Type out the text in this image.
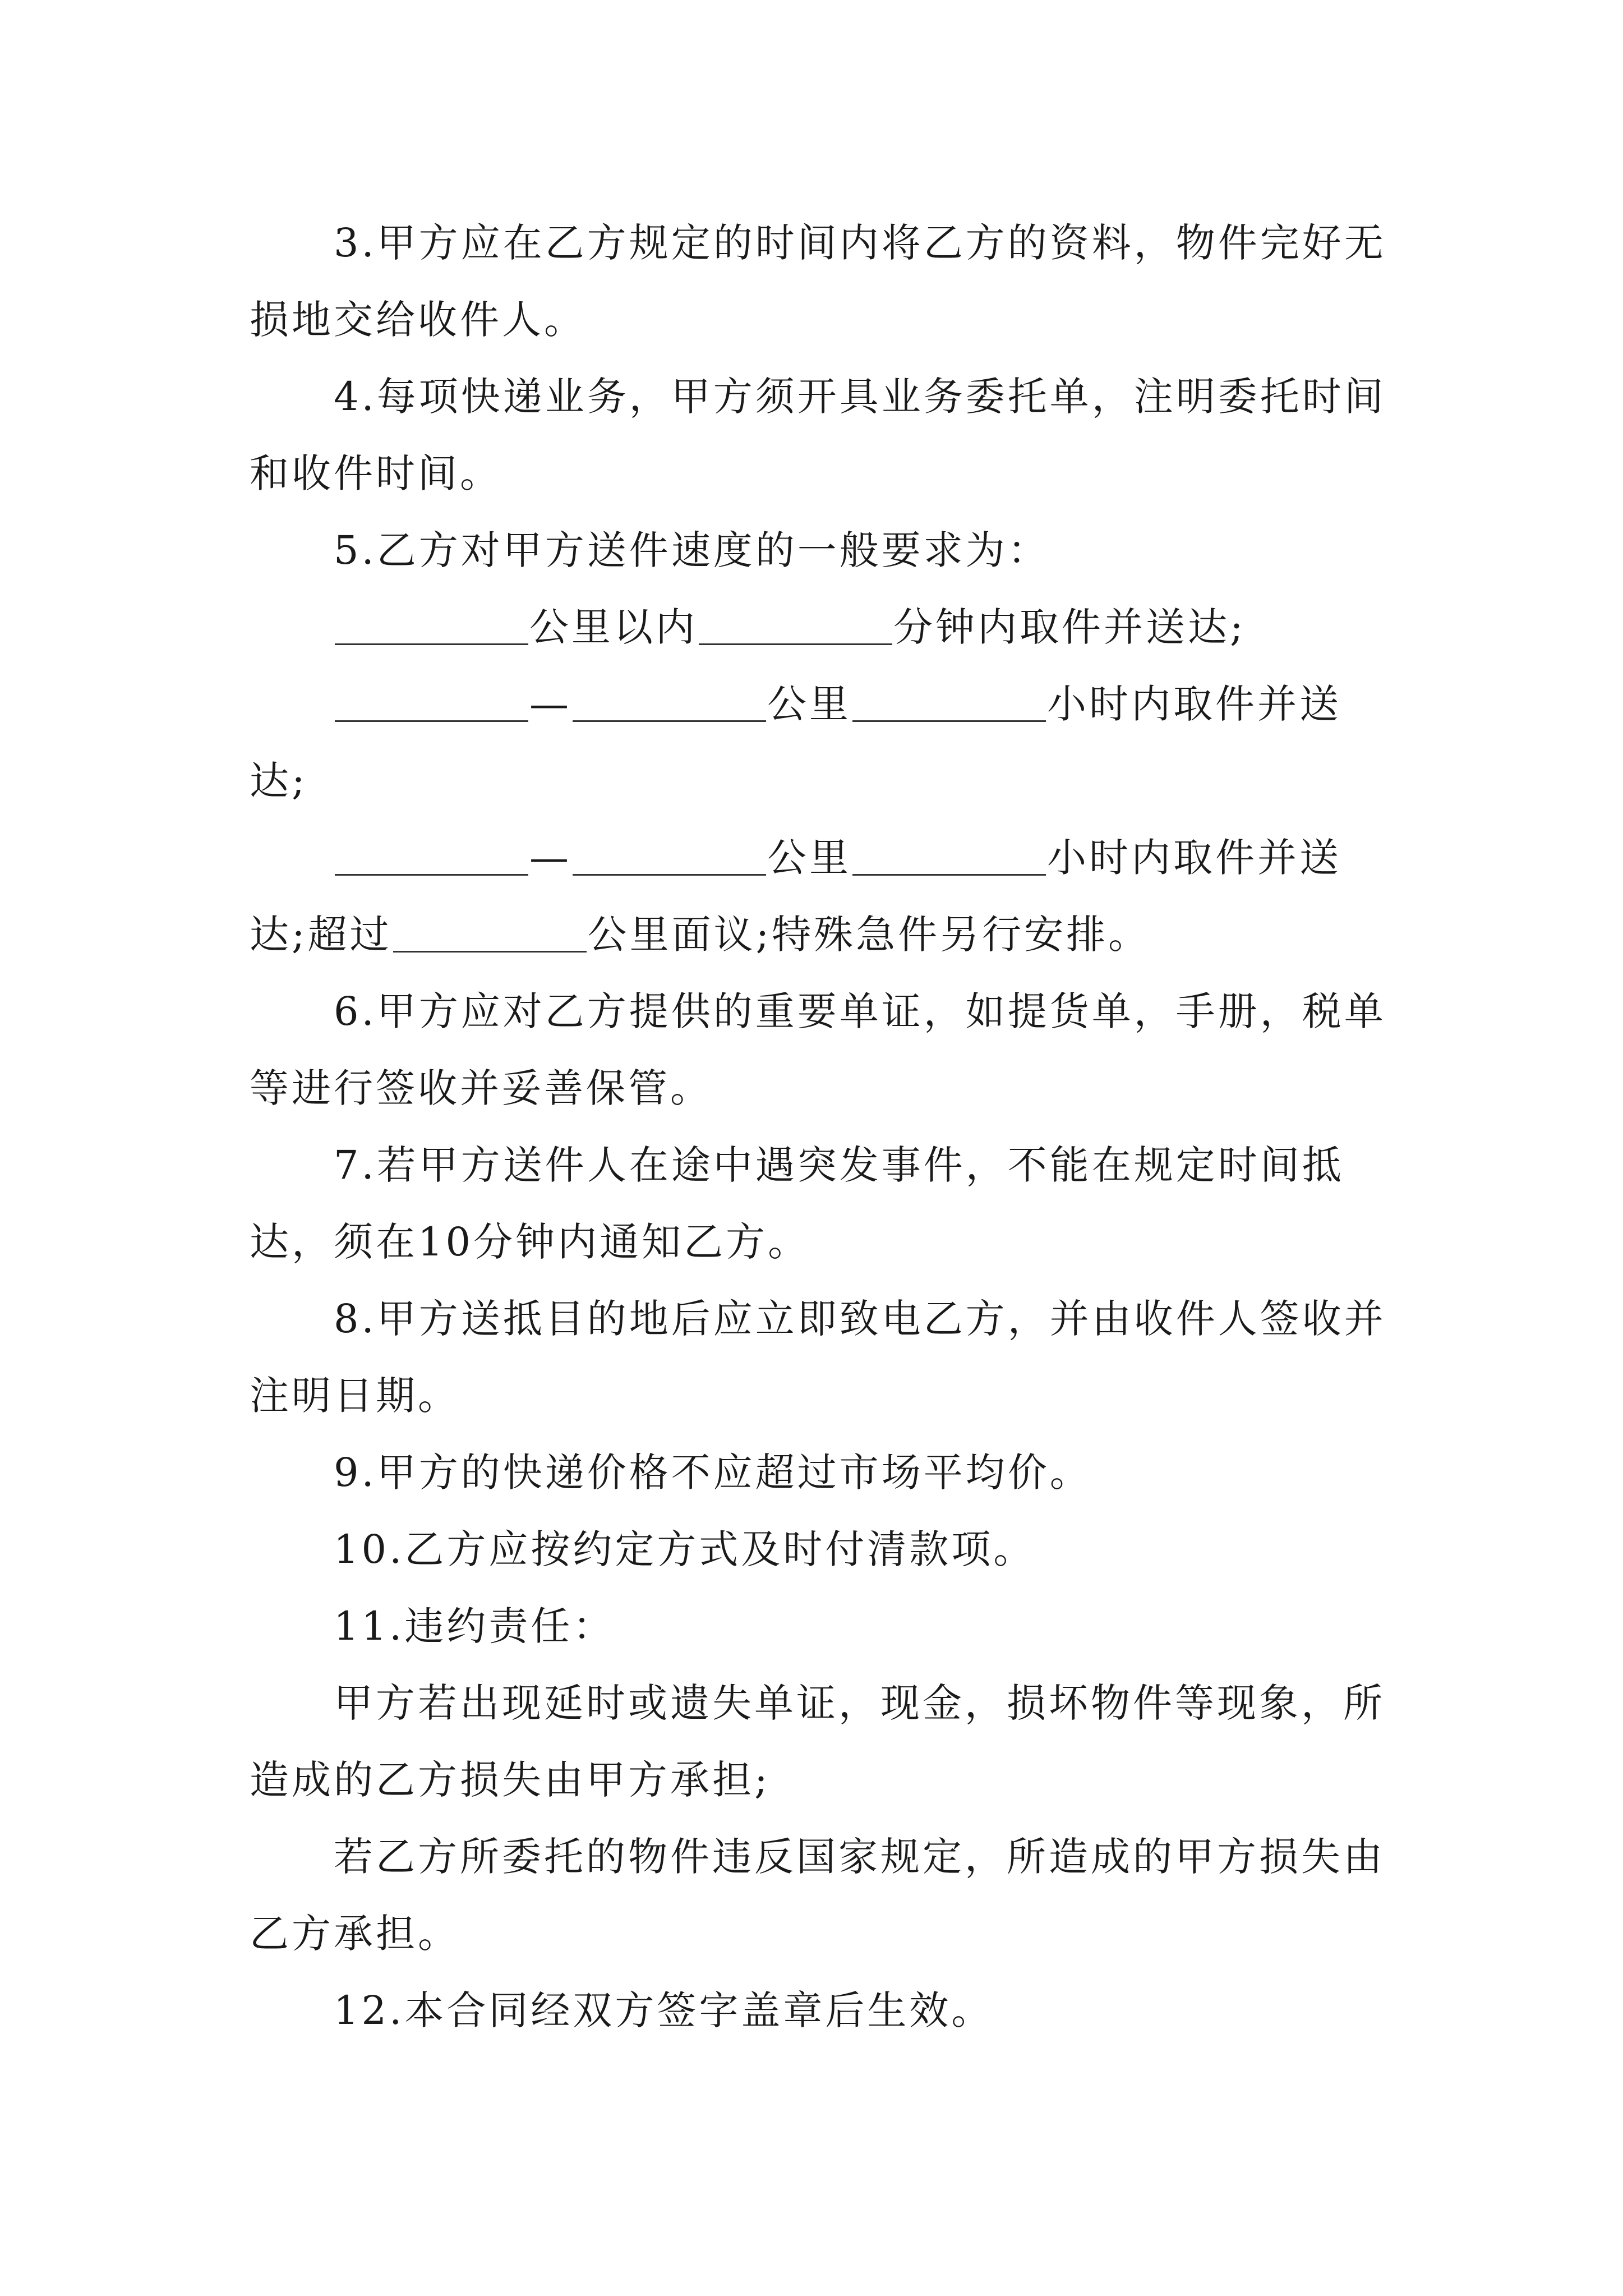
3.甲方应在乙方规定的时间内将乙方的资料，物件完好无损地交给收件人。

4.每项快递业务，甲方须开具业务委托单，注明委托时间和收件时间。

5.乙方对甲方送件速度的一般要求为：

公里以内	分钟内取件并送达;

—	公里	小时内取件并送达;

—	公里	小时内取件并送达;超过	公里面议;特殊急件另行安排。

6.甲方应对乙方提供的重要单证，如提货单，手册，税单等进行签收并妥善保管。

7.若甲方送件人在途中遇突发事件，不能在规定时间抵达，须在10分钟内通知乙方。

8.甲方送抵目的地后应立即致电乙方，并由收件人签收并注明日期。

9.甲方的快递价格不应超过市场平均价。

10.乙方应按约定方式及时付清款项。

11.违约责任：

甲方若出现延时或遗失单证，现金，损坏物件等现象，所造成的乙方损失由甲方承担;

若乙方所委托的物件违反国家规定，所造成的甲方损失由乙方承担。

12.本合同经双方签字盖章后生效。
